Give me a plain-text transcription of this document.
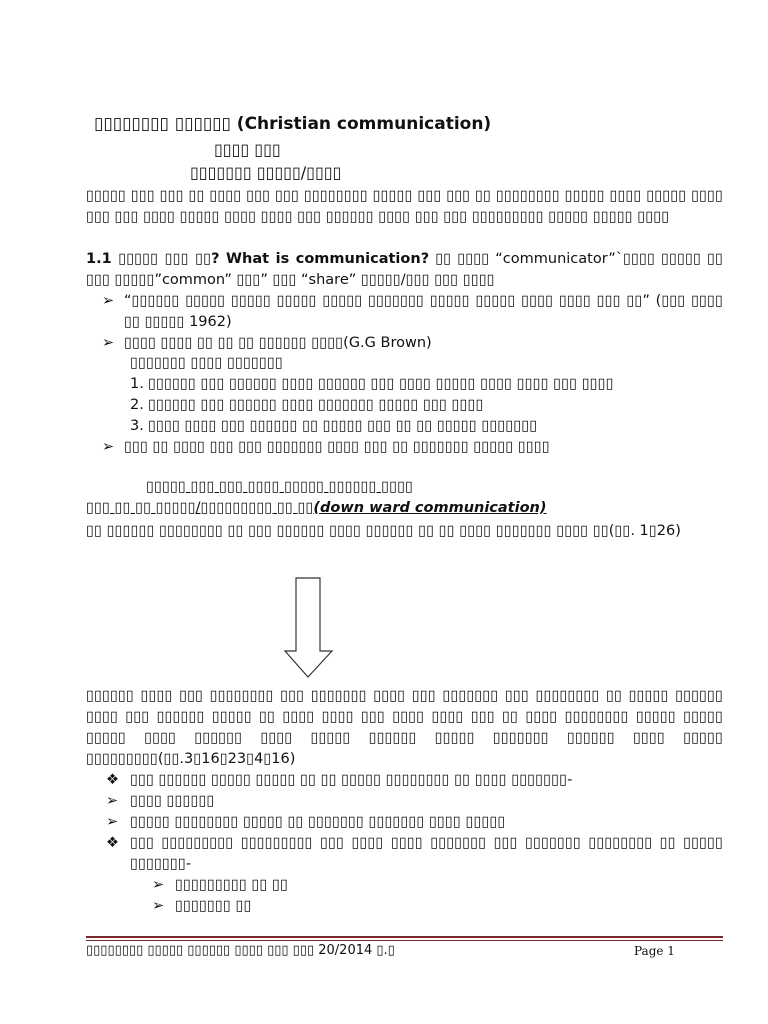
▯▯▯▯▯▯▯▯ ▯▯▯▯▯▯ (Christian communication)
▯▯▯▯ ▯▯▯
▯▯▯▯▯▯▯ ▯▯▯▯▯/▯▯▯▯
▯▯▯▯▯ ▯▯▯ ▯▯▯ ▯▯ ▯▯▯▯ ▯▯▯ ▯▯▯ ▯▯▯▯▯▯▯▯ ▯▯▯▯▯ ▯▯▯ ▯▯▯ ▯▯ ▯▯▯▯▯▯▯▯ ▯▯▯▯▯ ▯▯▯▯ ▯▯▯▯▯ ▯▯▯▯ ▯▯▯ ▯▯▯ ▯▯▯▯ ▯▯▯▯▯ ▯▯▯▯ ▯▯▯▯ ▯▯▯ ▯▯▯▯▯▯ ▯▯▯▯ ▯▯▯ ▯▯▯ ▯▯▯▯▯▯▯▯▯ ▯▯▯▯▯ ▯▯▯▯▯ ▯▯▯▯
1.1 ▯▯▯▯▯ ▯▯▯ ▯▯? What is communication? ▯▯ ▯▯▯▯ “communicator”`▯▯▯▯ ▯▯▯▯▯ ▯▯ ▯▯▯ ▯▯▯▯▯”common” ▯▯▯” ▯▯▯ “share” ▯▯▯▯▯/▯▯▯ ▯▯▯ ▯▯▯▯
➢ “▯▯▯▯▯▯ ▯▯▯▯▯ ▯▯▯▯▯ ▯▯▯▯▯ ▯▯▯▯▯ ▯▯▯▯▯▯▯ ▯▯▯▯▯ ▯▯▯▯▯ ▯▯▯▯ ▯▯▯▯ ▯▯▯ ▯▯” (▯▯▯ ▯▯▯▯ ▯▯ ▯▯▯▯▯ 1962)
➢ ▯▯▯▯ ▯▯▯▯ ▯▯ ▯▯ ▯▯ ▯▯▯▯▯▯ ▯▯▯▯(G.G Brown)
▯▯▯▯▯▯▯ ▯▯▯▯ ▯▯▯▯▯▯▯
1. ▯▯▯▯▯▯ ▯▯▯ ▯▯▯▯▯▯ ▯▯▯▯ ▯▯▯▯▯▯ ▯▯▯ ▯▯▯▯ ▯▯▯▯▯ ▯▯▯▯ ▯▯▯▯ ▯▯▯ ▯▯▯▯
2. ▯▯▯▯▯▯ ▯▯▯ ▯▯▯▯▯▯ ▯▯▯▯ ▯▯▯▯▯▯▯ ▯▯▯▯▯ ▯▯▯ ▯▯▯▯
3. ▯▯▯▯ ▯▯▯▯ ▯▯▯ ▯▯▯▯▯▯ ▯▯ ▯▯▯▯▯ ▯▯▯ ▯▯ ▯▯ ▯▯▯▯▯ ▯▯▯▯▯▯▯
➢ ▯▯▯ ▯▯ ▯▯▯▯ ▯▯▯ ▯▯▯ ▯▯▯▯▯▯▯ ▯▯▯▯ ▯▯▯ ▯▯ ▯▯▯▯▯▯▯ ▯▯▯▯▯ ▯▯▯▯
▯▯▯▯▯ ▯▯▯ ▯▯▯ ▯▯▯▯ ▯▯▯▯▯ ▯▯▯▯▯▯ ▯▯▯▯
▯▯▯ ▯▯ ▯▯ ▯▯▯▯▯/▯▯▯▯▯▯▯▯▯ ▯▯ ▯▯(down ward communication)
▯▯ ▯▯▯▯▯▯ ▯▯▯▯▯▯▯▯ ▯▯ ▯▯▯ ▯▯▯▯▯▯ ▯▯▯▯ ▯▯▯▯▯▯ ▯▯ ▯▯ ▯▯▯▯ ▯▯▯▯▯▯▯ ▯▯▯▯ ▯▯(▯▯. 1▯26)
▯▯▯▯▯▯ ▯▯▯▯ ▯▯▯ ▯▯▯▯▯▯▯▯ ▯▯▯ ▯▯▯▯▯▯▯ ▯▯▯▯ ▯▯▯ ▯▯▯▯▯▯▯ ▯▯▯ ▯▯▯▯▯▯▯▯ ▯▯ ▯▯▯▯▯ ▯▯▯▯▯▯ ▯▯▯▯ ▯▯▯ ▯▯▯▯▯▯ ▯▯▯▯▯ ▯▯ ▯▯▯▯ ▯▯▯▯ ▯▯▯ ▯▯▯▯ ▯▯▯▯ ▯▯▯ ▯▯ ▯▯▯▯ ▯▯▯▯▯▯▯▯ ▯▯▯▯▯ ▯▯▯▯▯ ▯▯▯▯▯ ▯▯▯▯ ▯▯▯▯▯▯ ▯▯▯▯ ▯▯▯▯▯ ▯▯▯▯▯▯ ▯▯▯▯▯ ▯▯▯▯▯▯▯ ▯▯▯▯▯▯ ▯▯▯▯ ▯▯▯▯▯ ▯▯▯▯▯▯▯▯▯(▯▯.3▯16▯23▯4▯16)
❖ ▯▯▯ ▯▯▯▯▯▯ ▯▯▯▯▯ ▯▯▯▯▯ ▯▯ ▯▯ ▯▯▯▯▯ ▯▯▯▯▯▯▯▯ ▯▯ ▯▯▯▯ ▯▯▯▯▯▯▯-
➢ ▯▯▯▯ ▯▯▯▯▯▯
➢ ▯▯▯▯▯ ▯▯▯▯▯▯▯▯ ▯▯▯▯▯ ▯▯ ▯▯▯▯▯▯▯ ▯▯▯▯▯▯▯ ▯▯▯▯ ▯▯▯▯▯
❖ ▯▯▯ ▯▯▯▯▯▯▯▯▯ ▯▯▯▯▯▯▯▯▯ ▯▯▯ ▯▯▯▯ ▯▯▯▯ ▯▯▯▯▯▯▯ ▯▯▯ ▯▯▯▯▯▯▯ ▯▯▯▯▯▯▯▯ ▯▯ ▯▯▯▯▯ ▯▯▯▯▯▯▯-
➢ ▯▯▯▯▯▯▯▯▯ ▯▯ ▯▯
➢ ▯▯▯▯▯▯▯ ▯▯
▯▯▯▯▯▯▯▯ ▯▯▯▯▯ ▯▯▯▯▯▯ ▯▯▯▯ ▯▯▯ ▯▯▯ 20/2014 ▯.▯	Page 1
